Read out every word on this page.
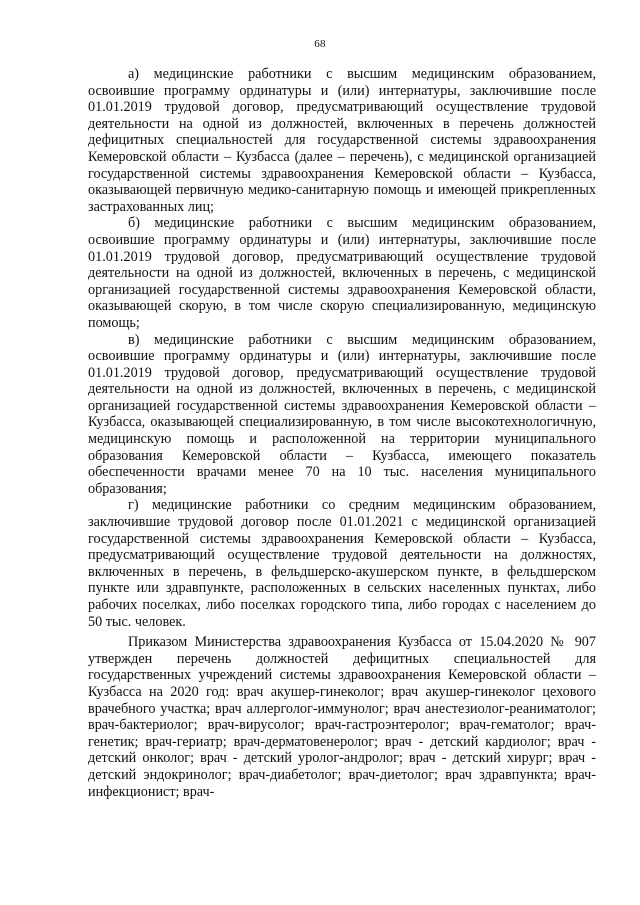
68

а) медицинские работники с высшим медицинским образованием, освоившие программу ординатуры и (или) интернатуры, заключившие после 01.01.2019 трудовой договор, предусматривающий осуществление трудовой деятельности на одной из должностей, включенных в перечень должностей дефицитных специальностей для государственной системы здравоохранения Кемеровской области – Кузбасса (далее – перечень), с медицинской организацией государственной системы здравоохранения Кемеровской области – Кузбасса, оказывающей первичную медико-санитарную помощь и имеющей прикрепленных застрахованных лиц;

б) медицинские работники с высшим медицинским образованием, освоившие программу ординатуры и (или) интернатуры, заключившие после 01.01.2019 трудовой договор, предусматривающий осуществление трудовой деятельности на одной из должностей, включенных в перечень, с медицинской организацией государственной системы здравоохранения Кемеровской области, оказывающей скорую, в том числе скорую специализированную, медицинскую помощь;

в) медицинские работники с высшим медицинским образованием, освоившие программу ординатуры и (или) интернатуры, заключившие после 01.01.2019 трудовой договор, предусматривающий осуществление трудовой деятельности на одной из должностей, включенных в перечень, с медицинской организацией государственной системы здравоохранения Кемеровской области – Кузбасса, оказывающей специализированную, в том числе высокотехнологичную, медицинскую помощь и расположенной на территории муниципального образования Кемеровской области – Кузбасса, имеющего показатель обеспеченности врачами менее 70 на 10 тыс. населения муниципального образования;

г) медицинские работники со средним медицинским образованием, заключившие трудовой договор после 01.01.2021 с медицинской организацией государственной системы здравоохранения Кемеровской области – Кузбасса, предусматривающий осуществление трудовой деятельности на должностях, включенных в перечень, в фельдшерско-акушерском пункте, в фельдшерском пункте или здравпункте, расположенных в сельских населенных пунктах, либо рабочих поселках, либо поселках городского типа, либо городах с населением до 50 тыс. человек.

Приказом Министерства здравоохранения Кузбасса от 15.04.2020 № 907 утвержден перечень должностей дефицитных специальностей для государственных учреждений системы здравоохранения Кемеровской области – Кузбасса на 2020 год: врач акушер-гинеколог; врач акушер-гинеколог цехового врачебного участка; врач аллерголог-иммунолог; врач анестезиолог-реаниматолог; врач-бактериолог; врач-вирусолог; врач-гастроэнтеролог; врач-гематолог; врач-генетик; врач-гериатр; врач-дерматовенеролог; врач - детский кардиолог; врач - детский онколог; врач - детский уролог-андролог; врач - детский хирург; врач - детский эндокринолог; врач-диабетолог; врач-диетолог; врач здравпункта; врач-инфекционист; врач-
